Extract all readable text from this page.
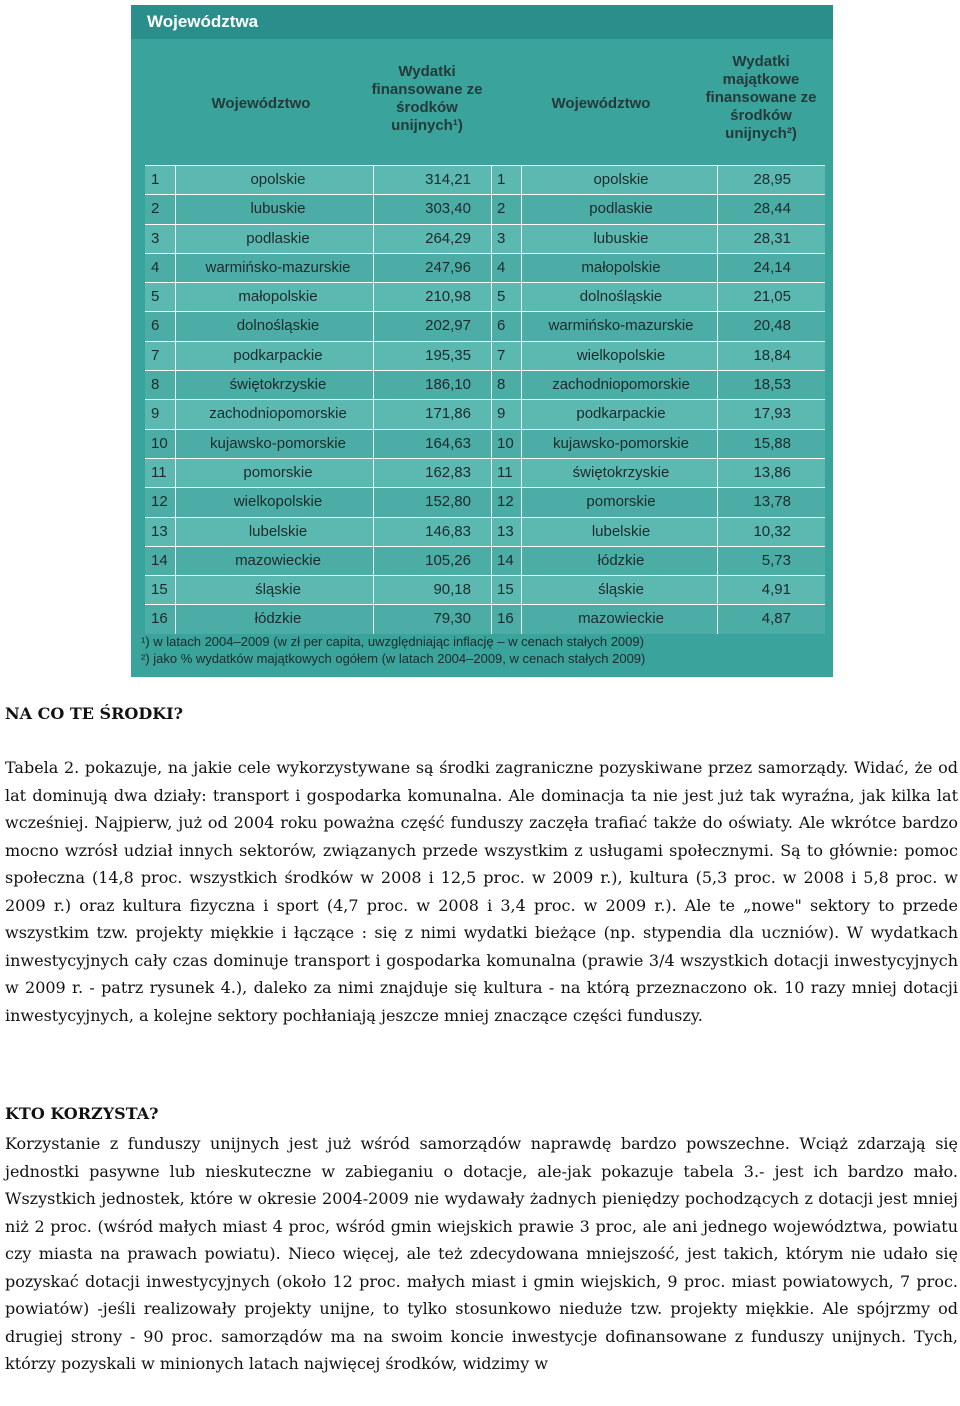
Województwa
Województwo
Wydatki finansowane ze środków unijnych¹)
Województwo
Wydatki majątkowe finansowane ze środków unijnych²)
1	opolskie	314,21 1	opolskie	28,95
2	lubuskie	303,40 2	podlaskie	28,44
3	podlaskie	264,29 3	lubuskie	28,31
4	warmińsko-mazurskie	247,96 4	małopolskie	24,14
5	małopolskie	210,98 5	dolnośląskie	21,05
6	dolnośląskie	202,97 6	warmińsko-mazurskie	20,48
7	podkarpackie	195,35 7	wielkopolskie	18,84
8	świętokrzyskie	186,10 8	zachodniopomorskie	18,53
9	zachodniopomorskie	171,86 9	podkarpackie	17,93
10	kujawsko-pomorskie	164,63 10	kujawsko-pomorskie	15,88
11	pomorskie	162,83 11	świętokrzyskie	13,86
12	wielkopolskie	152,80 12	pomorskie	13,78
13	lubelskie	146,83 13	lubelskie	10,32
14	mazowieckie	105,26 14	łódzkie	5,73
15	śląskie	90,18 15	śląskie	4,91
16	łódzkie	79,30 16	mazowieckie	4,87
¹) w latach 2004–2009 (w zł per capita, uwzględniając inflację – w cenach stałych 2009)
²) jako % wydatków majątkowych ogółem (w latach 2004–2009, w cenach stałych 2009)
NA CO TE ŚRODKI?
Tabela 2. pokazuje, na jakie cele wykorzystywane są środki zagraniczne pozyskiwane przez samorządy. Widać, że od lat dominują dwa działy: transport i gospodarka komunalna. Ale dominacja ta nie jest już tak wyraźna, jak kilka lat wcześniej. Najpierw, już od 2004 roku poważna część funduszy zaczęła trafiać także do oświaty. Ale wkrótce bardzo mocno wzrósł udział innych sektorów, związanych przede wszystkim z usługami społecznymi. Są to głównie: pomoc społeczna (14,8 proc. wszystkich środków w 2008 i 12,5 proc. w 2009 r.), kultura (5,3 proc. w 2008 i 5,8 proc. w 2009 r.) oraz kultura fizyczna i sport (4,7 proc. w 2008 i 3,4 proc. w 2009 r.). Ale te „nowe" sektory to przede wszystkim tzw. projekty miękkie i łączące : się z nimi wydatki bieżące (np. stypendia dla uczniów). W wydatkach inwestycyjnych cały czas dominuje transport i gospodarka komunalna (prawie 3/4 wszystkich dotacji inwestycyjnych w 2009 r. - patrz rysunek 4.), daleko za nimi znajduje się kultura - na którą przeznaczono ok. 10 razy mniej dotacji inwestycyjnych, a kolejne sektory pochłaniają jeszcze mniej znaczące części funduszy.
KTO KORZYSTA?
Korzystanie z funduszy unijnych jest już wśród samorządów naprawdę bardzo powszechne. Wciąż zdarzają się jednostki pasywne lub nieskuteczne w zabieganiu o dotacje, ale-jak pokazuje tabela 3.- jest ich bardzo mało. Wszystkich jednostek, które w okresie 2004-2009 nie wydawały żadnych pieniędzy pochodzących z dotacji jest mniej niż 2 proc. (wśród małych miast 4 proc, wśród gmin wiejskich prawie 3 proc, ale ani jednego województwa, powiatu czy miasta na prawach powiatu). Nieco więcej, ale też zdecydowana mniejszość, jest takich, którym nie udało się pozyskać dotacji inwestycyjnych (około 12 proc. małych miast i gmin wiejskich, 9 proc. miast powiatowych, 7 proc. powiatów) -jeśli realizowały projekty unijne, to tylko stosunkowo nieduże tzw. projekty miękkie. Ale spójrzmy od drugiej strony - 90 proc. samorządów ma na swoim koncie inwestycje dofinansowane z funduszy unijnych. Tych, którzy pozyskali w minionych latach najwięcej środków, widzimy w
